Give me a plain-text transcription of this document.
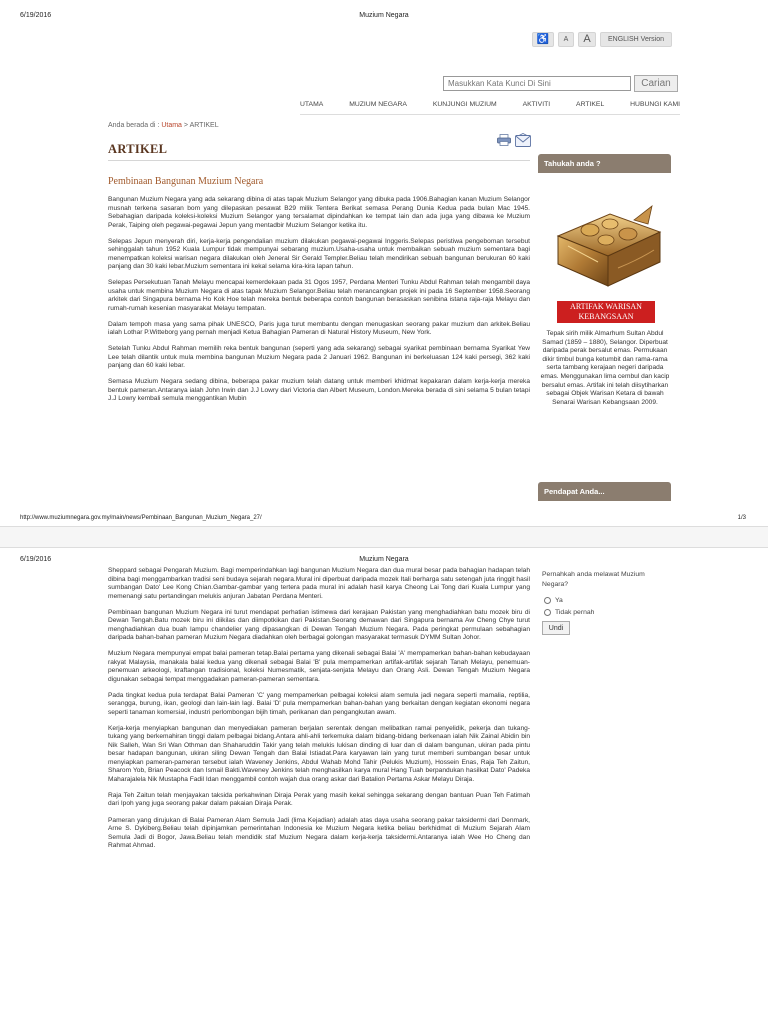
6/19/2016	Muzium Negara
♿	A	A	ENGLISH Version
Masukkan Kata Kunci Di Sini
Carian
UTAMA	MUZIUM NEGARA	KUNJUNGI MUZIUM	AKTIVITI	ARTIKEL	HUBUNGI KAMI
Anda berada di : Utama > ARTIKEL
ARTIKEL
Pembinaan Bangunan Muzium Negara

Bangunan Muzium Negara yang ada sekarang dibina di atas tapak Muzium Selangor yang dibuka pada 1906.Bahagian kanan Muzium Selangor musnah terkena sasaran bom yang dilepaskan pesawat B29 milik Tentera Berikat semasa Perang Dunia Kedua pada bulan Mac 1945. Sebahagian daripada koleksi-koleksi Muzium Selangor yang tersalamat dipindahkan ke tempat lain dan ada juga yang dibawa ke Muzium Perak, Taiping oleh pegawai-pegawai Jepun yang mentadbir Muzium Selangor ketika itu.

Selepas Jepun menyerah diri, kerja-kerja pengendalian muzium dilakukan pegawai-pegawai Inggeris.Selepas peristiwa pengeboman tersebut sehinggalah tahun 1952 Kuala Lumpur tidak mempunyai sebarang muzium.Usaha-usaha untuk membaikan sebuah muzium sementara bagi menempatkan koleksi warisan negara dilakukan oleh Jeneral Sir Gerald Templer.Beliau telah mendirikan sebuah bangunan berukuran 60 kaki panjang dan 30 kaki lebar.Muzium sementara ini kekal selama kira-kira lapan tahun.

Selepas Persekutuan Tanah Melayu mencapai kemerdekaan pada 31 Ogos 1957, Perdana Menteri Tunku Abdul Rahman telah mengambil daya usaha untuk membina Muzium Negara di atas tapak Muzium Selangor.Beliau telah merancangkan projek ini pada 16 September 1958.Seorang arkitek dari Singapura bernama Ho Kok Hoe telah mereka bentuk beberapa contoh bangunan berasaskan senibina istana raja-raja Melayu dan rumah-rumah kesenian masyarakat Melayu tempatan.

Dalam tempoh masa yang sama pihak UNESCO, Paris juga turut membantu dengan menugaskan seorang pakar muzium dan arkitek.Beliau ialah Lothar P.Witteborg yang pernah menjadi Ketua Bahagian Pameran di Natural History Museum, New York.

Setelah Tunku Abdul Rahman memilih reka bentuk bangunan (seperti yang ada sekarang) sebagai syarikat pembinaan bernama Syarikat Yew Lee telah dilantik untuk mula membina bangunan Muzium Negara pada 2 Januari 1962. Bangunan ini berkeluasan 124 kaki persegi, 362 kaki panjang dan 60 kaki lebar.

Semasa Muzium Negara sedang dibina, beberapa pakar muzium telah datang untuk memberi khidmat kepakaran dalam kerja-kerja mereka bentuk pameran.Antaranya ialah John Irwin dan J.J Lowry dari Victoria dan Albert Museum, London.Mereka berada di sini selama 5 bulan tetapi J.J Lowry kembali semula menggantikan Mubin

Tahukah anda ?
ARTIFAK WARISAN KEBANGSAAN
Tepak sirih milik Almarhum Sultan Abdul Samad (1859 – 1880), Selangor. Diperbuat daripada perak bersalut emas. Permukaan dikir timbul bunga ketumbit dan rama-rama serta tambang kerajaan negeri daripada emas. Menggunakan lima cembul dan kacip bersalut emas. Artifak ini telah diisytiharkan sebagai Objek Warisan Ketara di bawah Senarai Warisan Kebangsaan 2009.
Pendapat Anda...
http://www.muziumnegara.gov.my/main/news/Pembinaan_Bangunan_Muzium_Negara_27/	1/3
6/19/2016	Muzium Negara

Sheppard sebagai Pengarah Muzium. Bagi memperindahkan lagi bangunan Muzium Negara dan dua mural besar pada bahagian hadapan telah dibina bagi menggambarkan tradisi seni budaya sejarah negara.Mural ini diperbuat daripada mozek Itali berharga satu setengah juta ringgit hasil sumbangan Dato' Lee Kong Chian.Gambar-gambar yang tertera pada mural ini adalah hasil karya Cheong Lai Tong dari Kuala Lumpur yang memenangi satu pertandingan melukis anjuran Jabatan Perdana Menteri.

Pembinaan bangunan Muzium Negara ini turut mendapat perhatian istimewa dari kerajaan Pakistan yang menghadiahkan batu mozek biru di Dewan Tengah.Batu mozek biru ini diikilas dan diimpotkikan dari Pakistan.Seorang demawan dari Singapura bernama Aw Cheng Chye turut menghadiahkan dua buah lampu chandelier yang dipasangkan di Dewan Tengah Muzium Negara. Pada peringkat permulaan sebahagian daripada bahan-bahan pameran Muzium Negara diadahkan oleh berbagai golongan masyarakat termasuk DYMM Sultan Johor.

Muzium Negara mempunyai empat balai pameran tetap.Balai pertama yang dikenali sebagai Balai 'A' mempamerkan bahan-bahan kebudayaan rakyat Malaysia, manakala balai kedua yang dikenali sebagai Balai 'B' pula mempamerkan artifak-artifak sejarah Tanah Melayu, penemuan-penemuan arkeologi, kraftangan tradisional, koleksi Numesmatik, senjata-senjata Melayu dan Orang Asli. Dewan Tengah Muzium Negara digunakan sebagai tempat menggadakan pameran-pameran sementara.

Pada tingkat kedua pula terdapat Balai Pameran 'C' yang mempamerkan pelbagai koleksi alam semula jadi negara seperti mamalia, reptilia, serangga, burung, ikan, geologi dan lain-lain lagi. Balai 'D' pula mempamerkan bahan-bahan yang berkaitan dengan kegiatan ekonomi negara seperti tanaman komersial, industri perlombongan bijih timah, perikanan dan pengangkutan awam.

Kerja-kerja menyiapkan bangunan dan menyediakan pameran berjalan serentak dengan melibatkan ramai penyelidik, pekerja dan tukang-tukang yang berkemahiran tinggi dalam pelbagai bidang.Antara ahli-ahli terkemuka dalam bidang-bidang berkenaan ialah Nik Zainal Abidin bin Nik Salleh, Wan Sri Wan Othman dan Shaharuddin Takir yang telah melukis lukisan dinding di luar dan di dalam bangunan, ukiran pada pintu besar hadapan bangunan, ukiran siling Dewan Tengah dan Balai Istiadat.Para karyawan lain yang turut memberi sumbangan besar untuk menyiapkan pameran-pameran tersebut ialah Waveney Jenkins, Abdul Wahab Mohd Tahir (Pelukis Muzium), Hossein Enas, Raja Teh Zaitun, Sharom Yob, Brian Peacock dan Ismail Bakti.Waveney Jenkins telah menghasilkan karya mural Hang Tuah berpandukan hasilkat Dato' Padeka Maharajalela Nik Mustapha Fadil Idan menggambil contoh wajah dua orang askar dari Batalion Pertama Askar Melayu Diraja.

Raja Teh Zaitun telah menjayakan taksida perkahwinan Diraja Perak yang masih kekal sehingga sekarang dengan bantuan Puan Teh Fatimah dari Ipoh yang juga seorang pakar dalam pakaian Diraja Perak.

Pameran yang dirujukan di Balai Pameran Alam Semula Jadi (lima Kejadian) adalah atas daya usaha seorang pakar taksidermi dari Denmark, Arne S. Dykiberg.Beliau telah dipinjamkan pemerintahan Indonesia ke Muzium Negara ketika beliau berkhidmat di Muzium Sejarah Alam Semula Jadi di Bogor, Jawa.Beliau telah mendidik staf Muzium Negara dalam kerja-kerja taksidermi.Antaranya ialah Wee Ho Cheng dan Rahmat Ahmad.

Pernahkah anda melawat Muzium Negara?
Ya
Tidak pernah
Undi
